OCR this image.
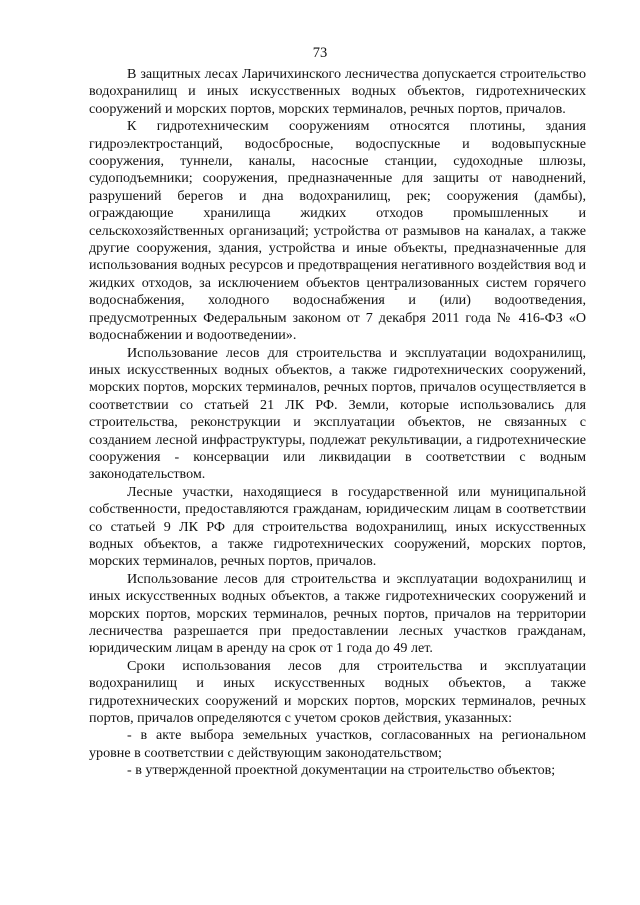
73

В защитных лесах Ларичихинского лесничества допускается строительство водохранилищ и иных искусственных водных объектов, гидротехнических сооружений и морских портов, морских терминалов, речных портов, причалов.

К гидротехническим сооружениям относятся плотины, здания гидроэлектростанций, водосбросные, водоспускные и водовыпускные сооружения, туннели, каналы, насосные станции, судоходные шлюзы, судоподъемники; сооружения, предназначенные для защиты от наводнений, разрушений берегов и дна водохранилищ, рек; сооружения (дамбы), ограждающие хранилища жидких отходов промышленных и сельскохозяйственных организаций; устройства от размывов на каналах, а также другие сооружения, здания, устройства и иные объекты, предназначенные для использования водных ресурсов и предотвращения негативного воздействия вод и жидких отходов, за исключением объектов централизованных систем горячего водоснабжения, холодного водоснабжения и (или) водоотведения, предусмотренных Федеральным законом от 7 декабря 2011 года № 416-ФЗ «О водоснабжении и водоотведении».

Использование лесов для строительства и эксплуатации водохранилищ, иных искусственных водных объектов, а также гидротехнических сооружений, морских портов, морских терминалов, речных портов, причалов осуществляется в соответствии со статьей 21 ЛК РФ. Земли, которые использовались для строительства, реконструкции и эксплуатации объектов, не связанных с созданием лесной инфраструктуры, подлежат рекультивации, а гидротехнические сооружения - консервации или ликвидации в соответствии с водным законодательством.

Лесные участки, находящиеся в государственной или муниципальной собственности, предоставляются гражданам, юридическим лицам в соответствии со статьей 9 ЛК РФ для строительства водохранилищ, иных искусственных водных объектов, а также гидротехнических сооружений, морских портов, морских терминалов, речных портов, причалов.

Использование лесов для строительства и эксплуатации водохранилищ и иных искусственных водных объектов, а также гидротехнических сооружений и морских портов, морских терминалов, речных портов, причалов на территории лесничества разрешается при предоставлении лесных участков гражданам, юридическим лицам в аренду на срок от 1 года до 49 лет.

Сроки использования лесов для строительства и эксплуатации водохранилищ и иных искусственных водных объектов, а также гидротехнических сооружений и морских портов, морских терминалов, речных портов, причалов определяются с учетом сроков действия, указанных:

- в акте выбора земельных участков, согласованных на региональном уровне в соответствии с действующим законодательством;

- в утвержденной проектной документации на строительство объектов;
